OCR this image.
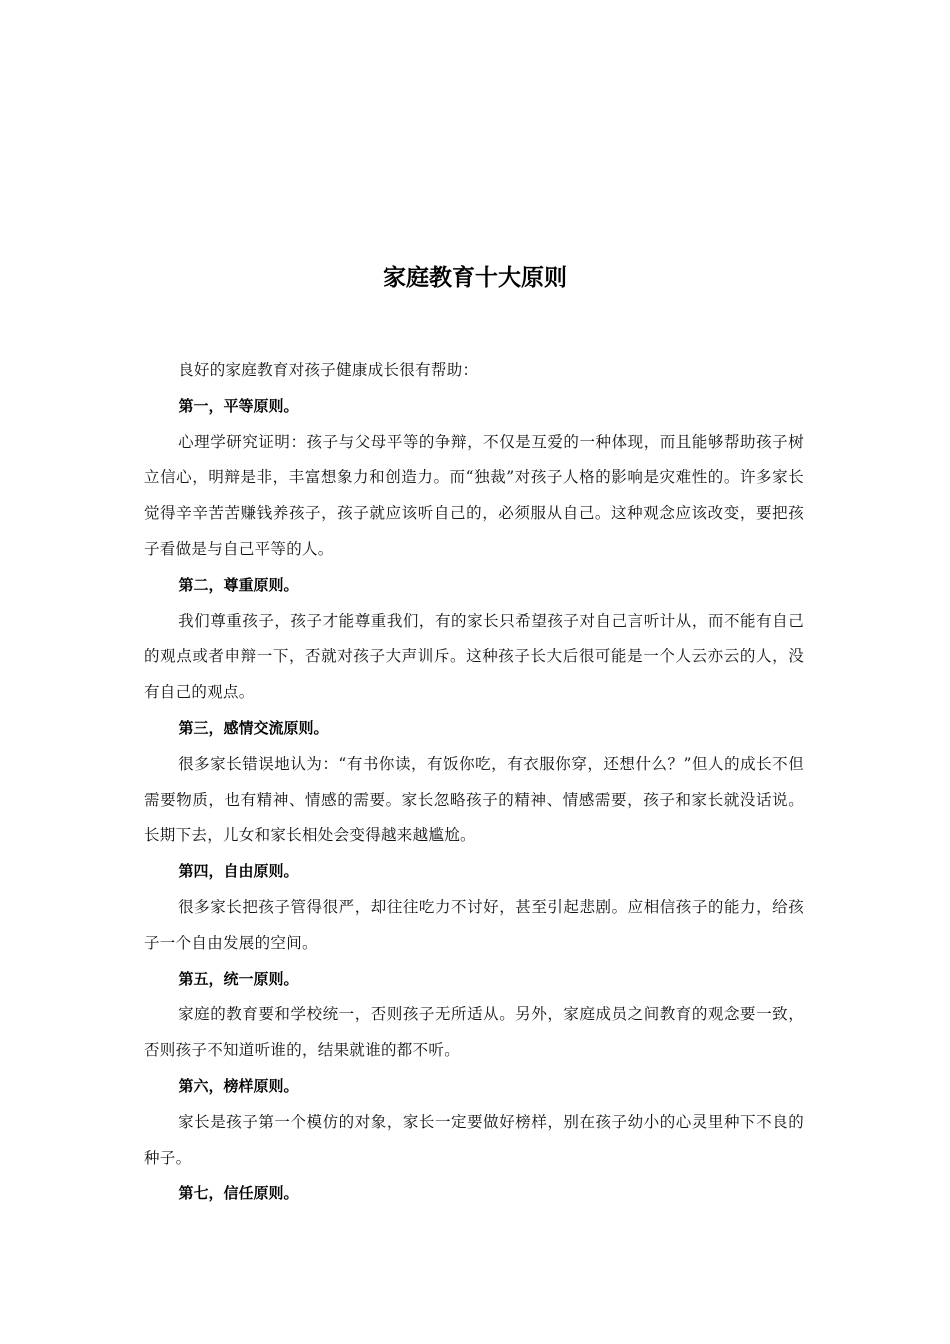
家庭教育十大原则

良好的家庭教育对孩子健康成长很有帮助：

第一，平等原则。

心理学研究证明：孩子与父母平等的争辩，不仅是互爱的一种体现，而且能够帮助孩子树立信心，明辩是非，丰富想象力和创造力。而“独裁”对孩子人格的影响是灾难性的。许多家长觉得辛辛苦苦赚钱养孩子，孩子就应该听自己的，必须服从自己。这种观念应该改变，要把孩子看做是与自己平等的人。

第二，尊重原则。

我们尊重孩子，孩子才能尊重我们，有的家长只希望孩子对自己言听计从，而不能有自己的观点或者申辩一下，否就对孩子大声训斥。这种孩子长大后很可能是一个人云亦云的人，没有自己的观点。

第三，感情交流原则。

很多家长错误地认为：“有书你读，有饭你吃，有衣服你穿，还想什么？”但人的成长不但需要物质，也有精神、情感的需要。家长忽略孩子的精神、情感需要，孩子和家长就没话说。长期下去，儿女和家长相处会变得越来越尴尬。

第四，自由原则。

很多家长把孩子管得很严，却往往吃力不讨好，甚至引起悲剧。应相信孩子的能力，给孩子一个自由发展的空间。

第五，统一原则。

家庭的教育要和学校统一，否则孩子无所适从。另外，家庭成员之间教育的观念要一致，否则孩子不知道听谁的，结果就谁的都不听。

第六，榜样原则。

家长是孩子第一个模仿的对象，家长一定要做好榜样，别在孩子幼小的心灵里种下不良的种子。

第七，信任原则。
